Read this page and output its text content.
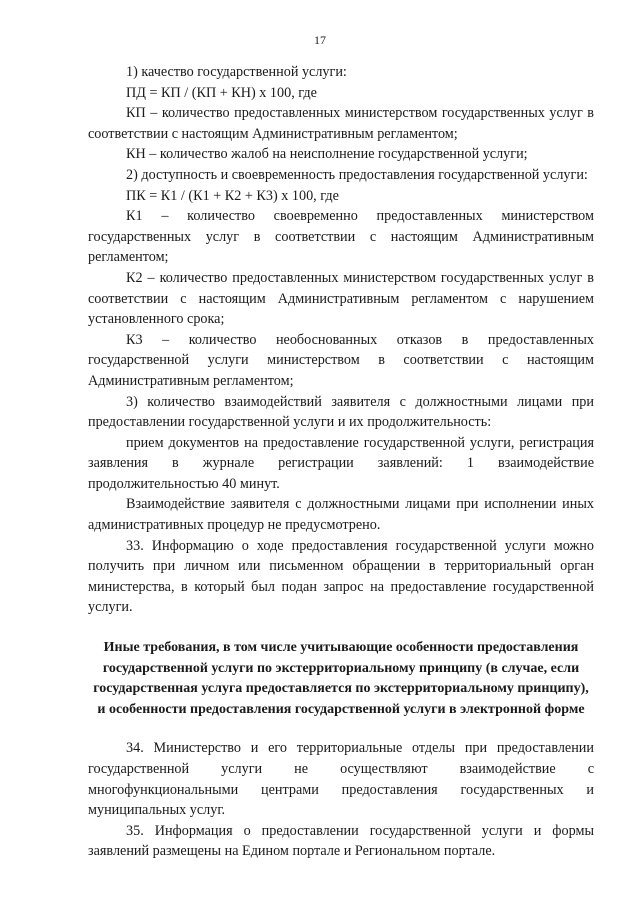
17

1) качество государственной услуги:

ПД = КП / (КП + КН) х 100, где

КП – количество предоставленных министерством государственных услуг в соответствии с настоящим Административным регламентом;

КН – количество жалоб на неисполнение государственной услуги;

2) доступность и своевременность предоставления государственной услуги:

ПК = К1 / (К1 + К2 + К3) х 100, где

К1 – количество своевременно предоставленных министерством государственных услуг в соответствии с настоящим Административным регламентом;

К2 – количество предоставленных министерством государственных услуг в соответствии с настоящим Административным регламентом с нарушением установленного срока;

К3 – количество необоснованных отказов в предоставленных государственной услуги министерством в соответствии с настоящим Административным регламентом;

3) количество взаимодействий заявителя с должностными лицами при предоставлении государственной услуги и их продолжительность:

прием документов на предоставление государственной услуги, регистрация заявления в журнале регистрации заявлений: 1 взаимодействие продолжительностью 40 минут.

Взаимодействие заявителя с должностными лицами при исполнении иных административных процедур не предусмотрено.

33. Информацию о ходе предоставления государственной услуги можно получить при личном или письменном обращении в территориальный орган министерства, в который был подан запрос на предоставление государственной услуги.

Иные требования, в том числе учитывающие особенности предоставления государственной услуги по экстерриториальному принципу (в случае, если государственная услуга предоставляется по экстерриториальному принципу), и особенности предоставления государственной услуги в электронной форме

34. Министерство и его территориальные отделы при предоставлении государственной услуги не осуществляют взаимодействие с многофункциональными центрами предоставления государственных и муниципальных услуг.

35. Информация о предоставлении государственной услуги и формы заявлений размещены на Едином портале и Региональном портале.
